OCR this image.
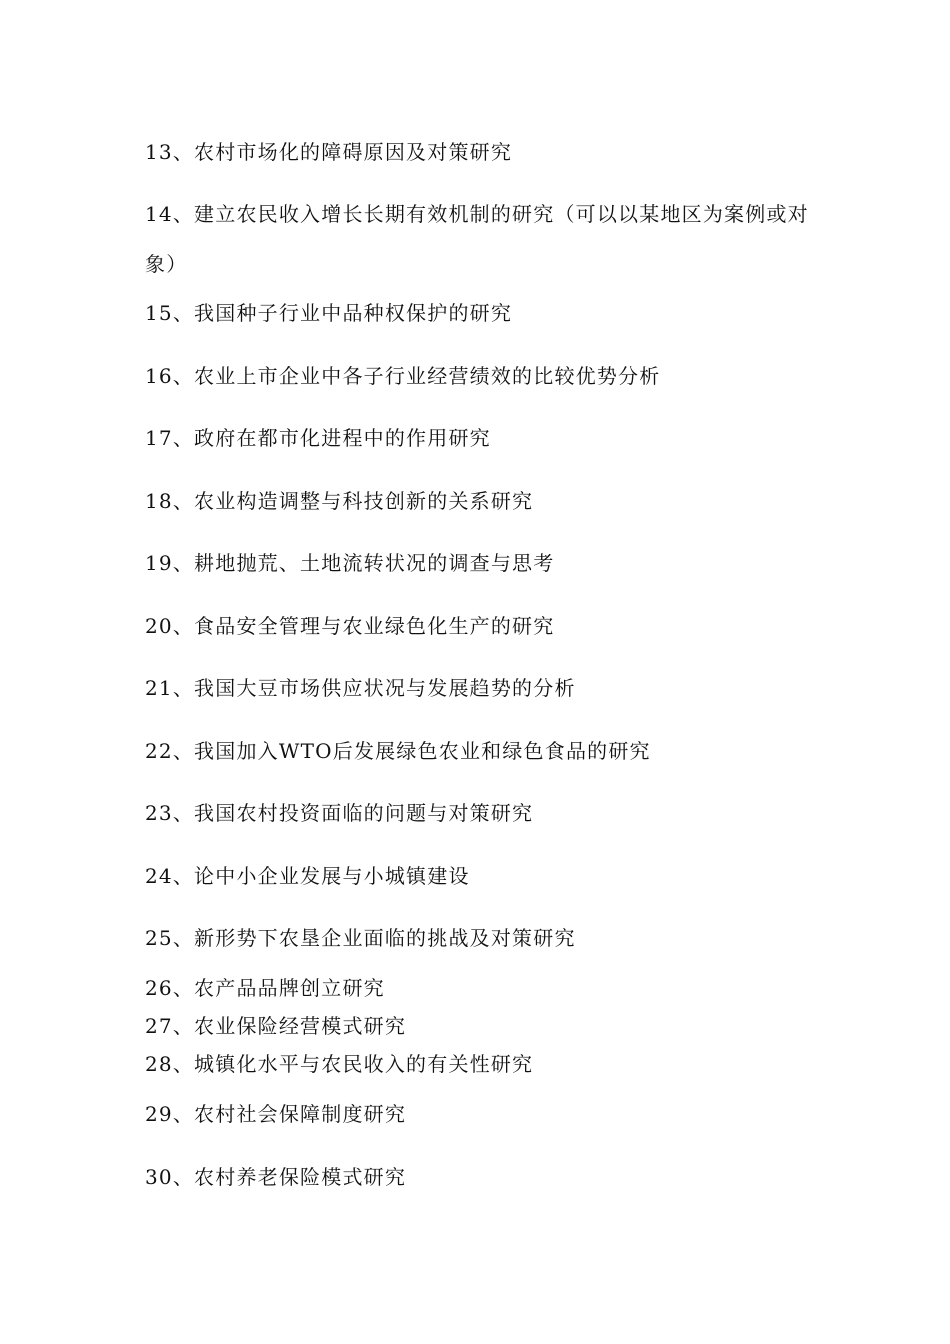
13、农村市场化的障碍原因及对策研究
14、建立农民收入增长长期有效机制的研究（可以以某地区为案例或对象）
15、我国种子行业中品种权保护的研究
16、农业上市企业中各子行业经营绩效的比较优势分析
17、政府在都市化进程中的作用研究
18、农业构造调整与科技创新的关系研究
19、耕地抛荒、土地流转状况的调查与思考
20、食品安全管理与农业绿色化生产的研究
21、我国大豆市场供应状况与发展趋势的分析
22、我国加入WTO后发展绿色农业和绿色食品的研究
23、我国农村投资面临的问题与对策研究
24、论中小企业发展与小城镇建设
25、新形势下农垦企业面临的挑战及对策研究
26、农产品品牌创立研究
27、农业保险经营模式研究
28、城镇化水平与农民收入的有关性研究
29、农村社会保障制度研究
30、农村养老保险模式研究
